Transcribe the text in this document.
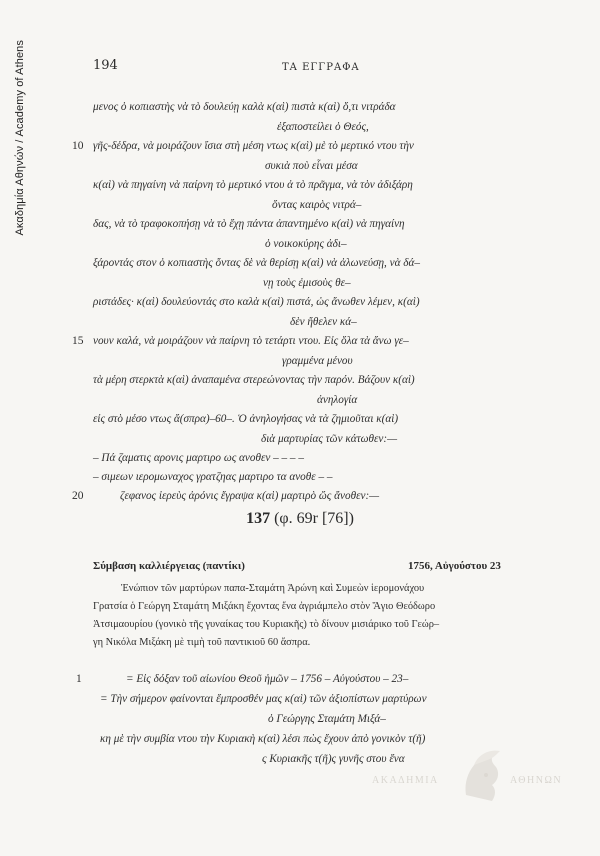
Ακαδημία Αθηνών / Academy of Athens	194	ΤΑ ΕΓΓΡΑΦΑ
μενος ὁ κοπιαστὴς νὰ τὸ δουλεύῃ καλὰ κ(αὶ) πιστὰ κ(αὶ) ὅ,τι νιτράδα
ἐξαποστείλει ὁ Θεός,
10 γῆς-δέδρα, νὰ μοιράζουν ἴσια στὴ μέση ντως κ(αὶ) μὲ τὸ μερτικό ντου τὴν
συκιὰ ποὺ εἶναι μέσα
κ(αὶ) νὰ πηγαίνη νὰ παίρνη τὸ μερτικό ντου ἁ τὸ πρᾶγμα, νὰ τὸν ἀδιξάρη
ὄντας καιρὸς νιτρά–
δας, νὰ τὸ τραφοκοπήσῃ νὰ τὸ ἔχῃ πάντα ἀπαντημένο κ(αὶ) νὰ πηγαίνη
ὁ νοικοκύρης ἀδι–
ξάροντάς στον ὁ κοπιαστὴς ὄντας δὲ νὰ θερίσῃ κ(αὶ) νὰ ἁλωνεύσῃ, νὰ δά–
νῃ τοὺς ἐμισοὺς θε–
ριστάδες· κ(αὶ) δουλεύοντάς στο καλὰ κ(αὶ) πιστά, ὡς ἄνωθεν λέμεν, κ(αὶ)
δὲν ἤθελεν κά–
15 νουν καλά, νὰ μοιράζουν νὰ παίρνη τὸ τετάρτι ντου. Εἰς ὅλα τὰ ἄνω γε–
γραμμένα μένου
τὰ μέρη στερκτὰ κ(αὶ) ἀναπαμένα στερεώνοντας τὴν παρόν. Βάζουν κ(αὶ)
ἀνηλογία
εἰς στὸ μέσο ντως ἄ(σπρα)–60–. Ὁ ἀνηλογήσας νὰ τὰ ζημιοῦται κ(αὶ)
διὰ μαρτυρίας τῶν κάτωθεν:—
– Πά ζαματις αρονις μαρτιρο ως ανοθεν – – – –
– σιμεων ιερομωναχος γρατζηας μαρτιρο τα ανοθε – –
20	ζεφανος ἱερεὺς ἀρόνις ἔγραψα κ(αὶ) μαρτιρὸ ὥς ἄνοθεν:—
137 (φ. 69r [76])
Σύμβαση καλλιέργειας (παντίκι)	1756, Αὐγούστου 23
Ἐνώπιον τῶν μαρτύρων παπα-Σταμάτη Ἀρώνη καὶ Συμεὼν ἱερομονάχου
Γρατσία ὁ Γεώργη Σταμάτη Μιξάκη ἔχοντας ἕνα ἀγριάμπελο στὸν Ἅγιο Θεόδωρο
Ἀτσιμαουρίου (γονικὸ τῆς γυναίκας του Κυριακῆς) τὸ δίνουν μισιάρικο τοῦ Γεώρ–
γη Νικόλα Μιξάκη μὲ τιμὴ τοῦ παντικιοῦ 60 ἄσπρα.
1	= Εἰς δόξαν τοῦ αἰωνίου Θεοῦ ἡμῶν – 1756 – Αὐγούστου – 23–
= Τὴν σήμερον φαίνονται ἔμπροσθέν μας κ(αὶ) τῶν ἀξιοπίστων μαρτύρων
ὁ Γεώργης Σταμάτη Μιξά–
κη μὲ τὴν συμβία ντου τὴν Κυριακὴ κ(αὶ) λέσι πὼς ἔχουν ἀπὸ γονικὸν τ(ῆ)
ς Κυριακῆς τ(ῆ)ς γυνῆς στου ἕνα
ΑΚΑΔΗΜΙΑ	ΑΘΗΝΩΝ
